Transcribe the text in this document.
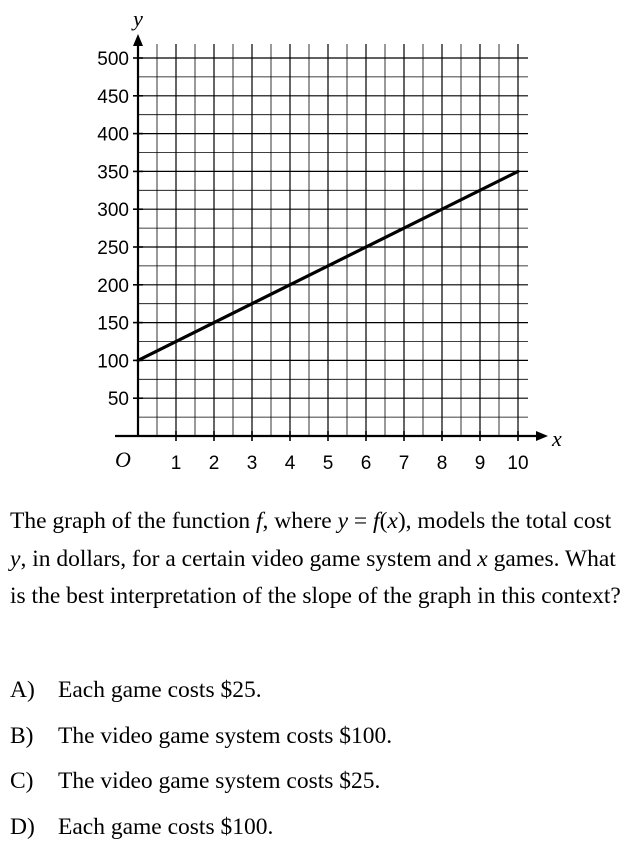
50
100
150
200
250
300
350
400
450
500
1 2 3 4 5 6 7 8 9 10
y
x
O
The graph of the function f, where y = f(x), models the total cost y, in dollars, for a certain video game system and x games. What is the best interpretation of the slope of the graph in this context?
A) Each game costs $25.
B)	The video game system costs $100.
C)	The video game system costs $25.
D) Each game costs $100.
